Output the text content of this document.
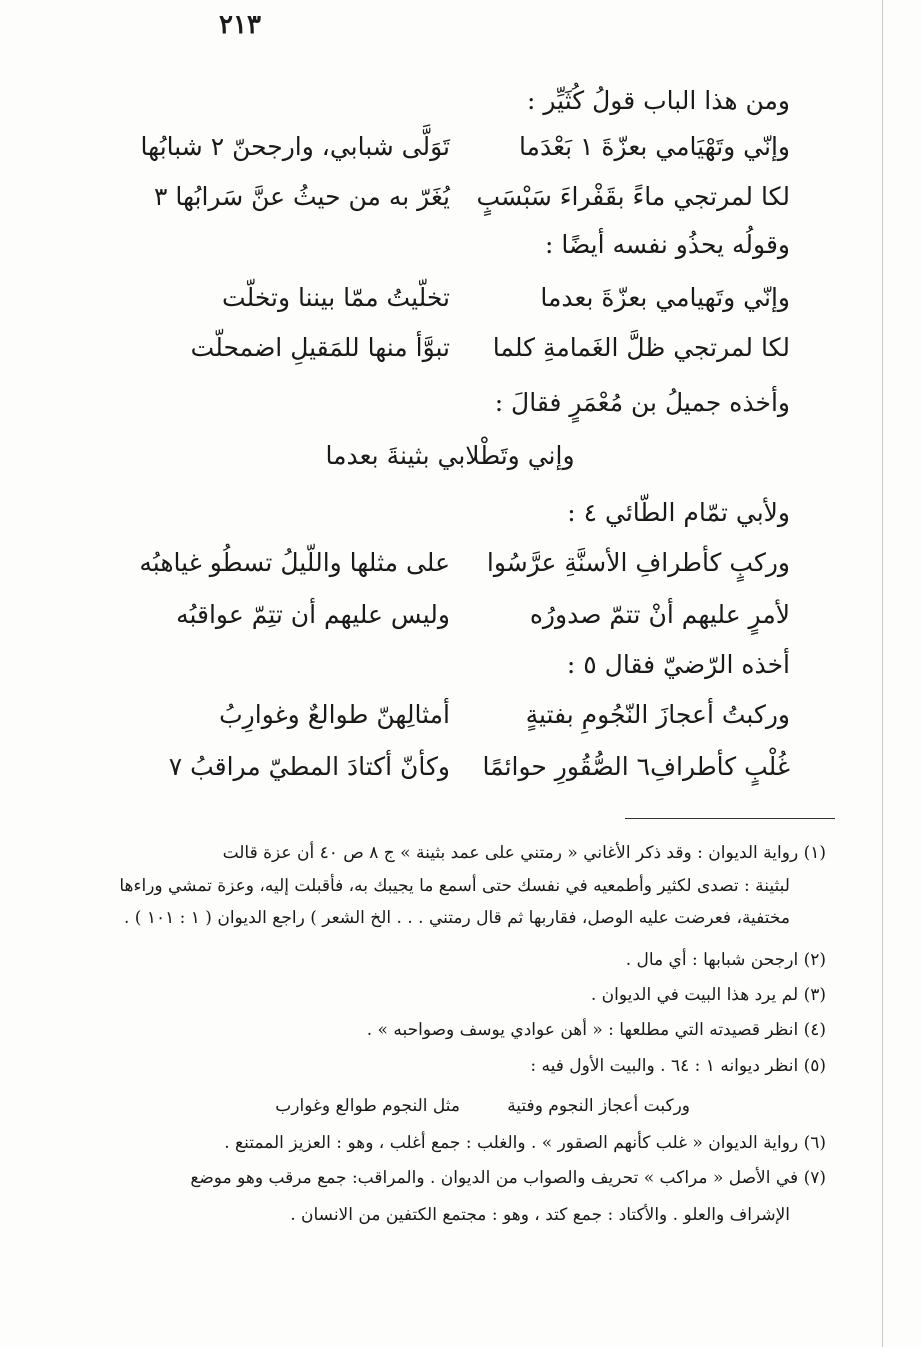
٢١٣
ومن هذا الباب قولُ كُثَيِّر :
وإنّي وتَهْيَامي بعزّةَ ١ بَعْدَما
تَوَلَّى شبابي، وارجحنّ ٢ شبابُها
لكا لمرتجي ماءً بقَفْراءَ سَبْسَبٍ
يُغَرّ به من حيثُ عنَّ سَرابُها ٣
وقولُه يحذُو نفسه أيضًا :
وإنّي وتَهيامي بعزّةَ بعدما
تخلّيتُ ممّا بيننا وتخلّت
لكا لمرتجي ظلَّ الغَمامةِ كلما
تبوَّأ منها للمَقيلِ اضمحلّت
وأخذه جميلُ بن مُعْمَرٍ فقالَ :
وإني وتَطْلابي بثينةَ بعدما
ولأبي تمّام الطّائي ٤ :
وركبٍ كأطرافِ الأسنَّةِ عرَّسُوا
على مثلها واللّيلُ تسطُو غياهبُه
لأمرٍ عليهم أنْ تتمّ صدورُه
وليس عليهم أن تتِمّ عواقبُه
أخذه الرّضيّ فقال ٥ :
وركبتُ أعجازَ النّجُومِ بفتيةٍ
أمثالِهنّ طوالعٌ وغوارِبُ
غُلْبٍ كأطرافِ٦ الصُّقُورِ حوائمًا
وكأنّ أكتادَ المطيّ مراقبُ ٧
(١) رواية الديوان : وقد ذكر الأغاني « رمتني على عمد بثينة » ج ٨ ص ٤٠ أن عزة قالت
لبثينة : تصدى لكثير وأطمعيه في نفسك حتى أسمع ما يجيبك به، فأقبلت إليه، وعزة تمشي وراءها
مختفية، فعرضت عليه الوصل، فقاربها ثم قال رمتني . . . الخ الشعر ) راجع الديوان ( ١ : ١٠١ ) .
(٢) ارجحن شبابها : أي مال .
(٣) لم يرد هذا البيت في الديوان .
(٤) انظر قصيدته التي مطلعها : « أهن عوادي يوسف وصواحبه » .
(٥) انظر ديوانه ١ : ٦٤ . والبيت الأول فيه :
وركبت أعجاز النجوم وفتية
مثل النجوم طوالع وغوارب
(٦) رواية الديوان « غلب كأنهم الصقور » . والغلب : جمع أغلب ، وهو : العزيز الممتنع .
(٧) في الأصل « مراكب » تحريف والصواب من الديوان . والمراقب: جمع مرقب وهو موضع
الإشراف والعلو . والأكتاد : جمع كتد ، وهو : مجتمع الكتفين من الانسان .
